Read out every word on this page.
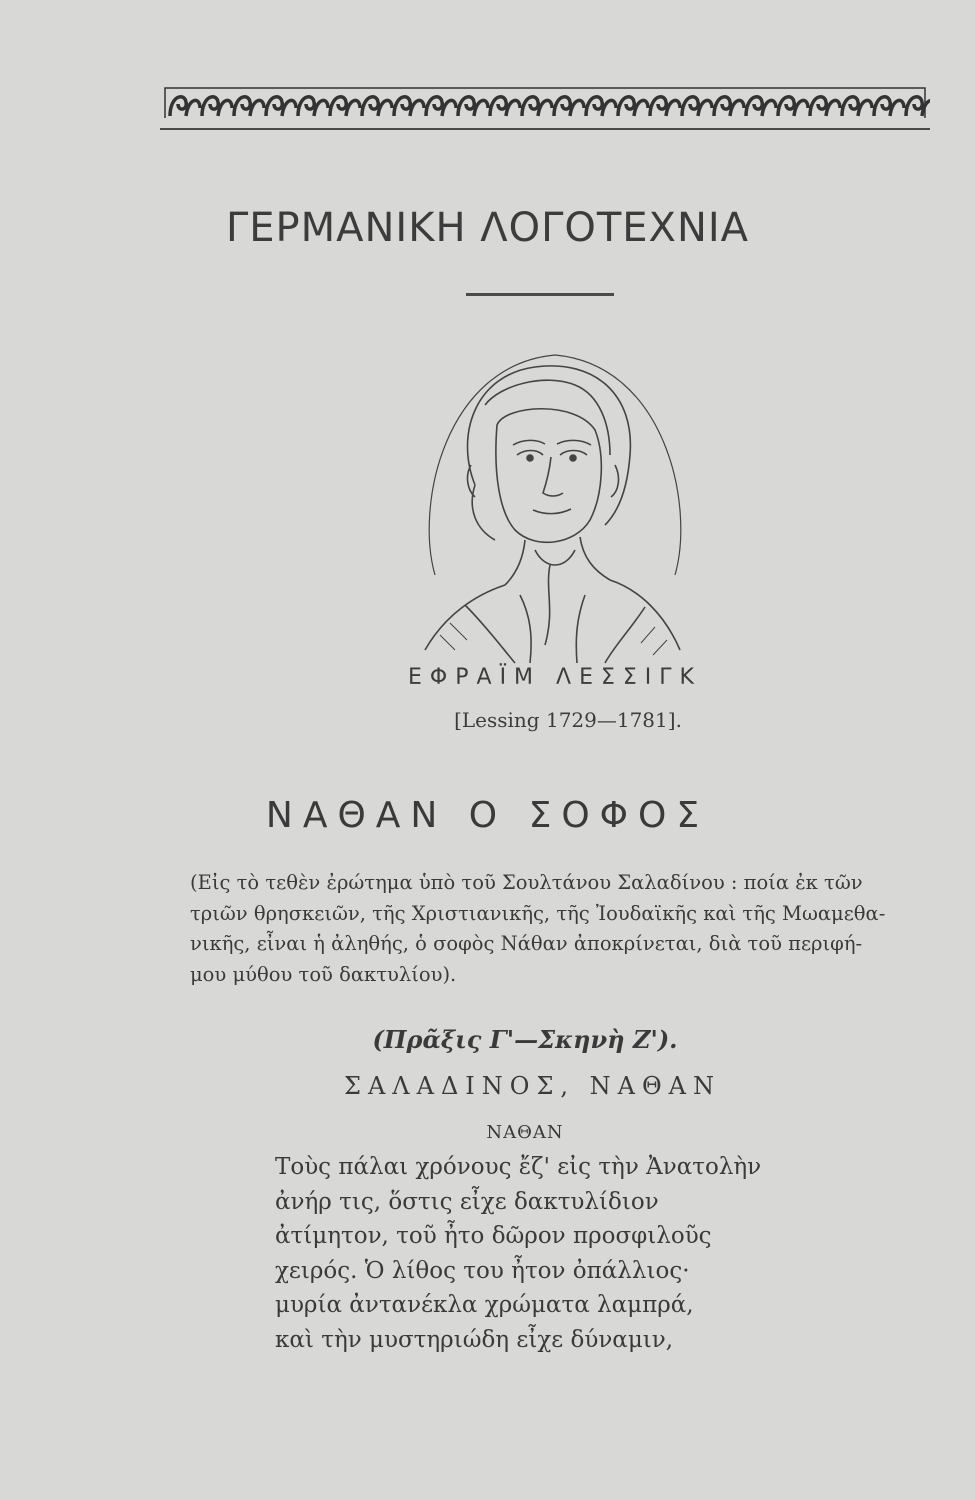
ΓΕΡΜΑΝΙΚΗ ΛΟΓΟΤΕΧΝΙΑ
ΕΦΡΑΪΜ ΛΕΣΣΙΓΚ
[Lessing 1729—1781].
ΝΑΘΑΝ Ο ΣΟΦΟΣ
(Εἰς τὸ τεθὲν ἐρώτημα ὑπὸ τοῦ Σουλτάνου Σαλαδίνου : ποία ἐκ τῶν
τριῶν θρησκειῶν, τῆς Χριστιανικῆς, τῆς Ἰουδαϊκῆς καὶ τῆς Μωαμεθα-
νικῆς, εἶναι ἡ ἀληθής, ὁ σοφὸς Νάθαν ἀποκρίνεται, διὰ τοῦ περιφή-
μου μύθου τοῦ δακτυλίου).
(Πρᾶξις Γ'—Σκηνὴ Ζ').
ΣΑΛΑΔΙΝΟΣ, ΝΑΘΑΝ
ΝΑΘΑΝ
Τοὺς πάλαι χρόνους ἔζ' εἰς τὴν Ἀνατολὴν
ἀνήρ τις, ὅστις εἶχε δακτυλίδιον
ἀτίμητον, τοῦ ἦτο δῶρον προσφιλοῦς
χειρός. Ὁ λίθος του ἦτον ὀπάλλιος·
μυρία ἀντανέκλα χρώματα λαμπρά,
καὶ τὴν μυστηριώδη εἶχε δύναμιν,
